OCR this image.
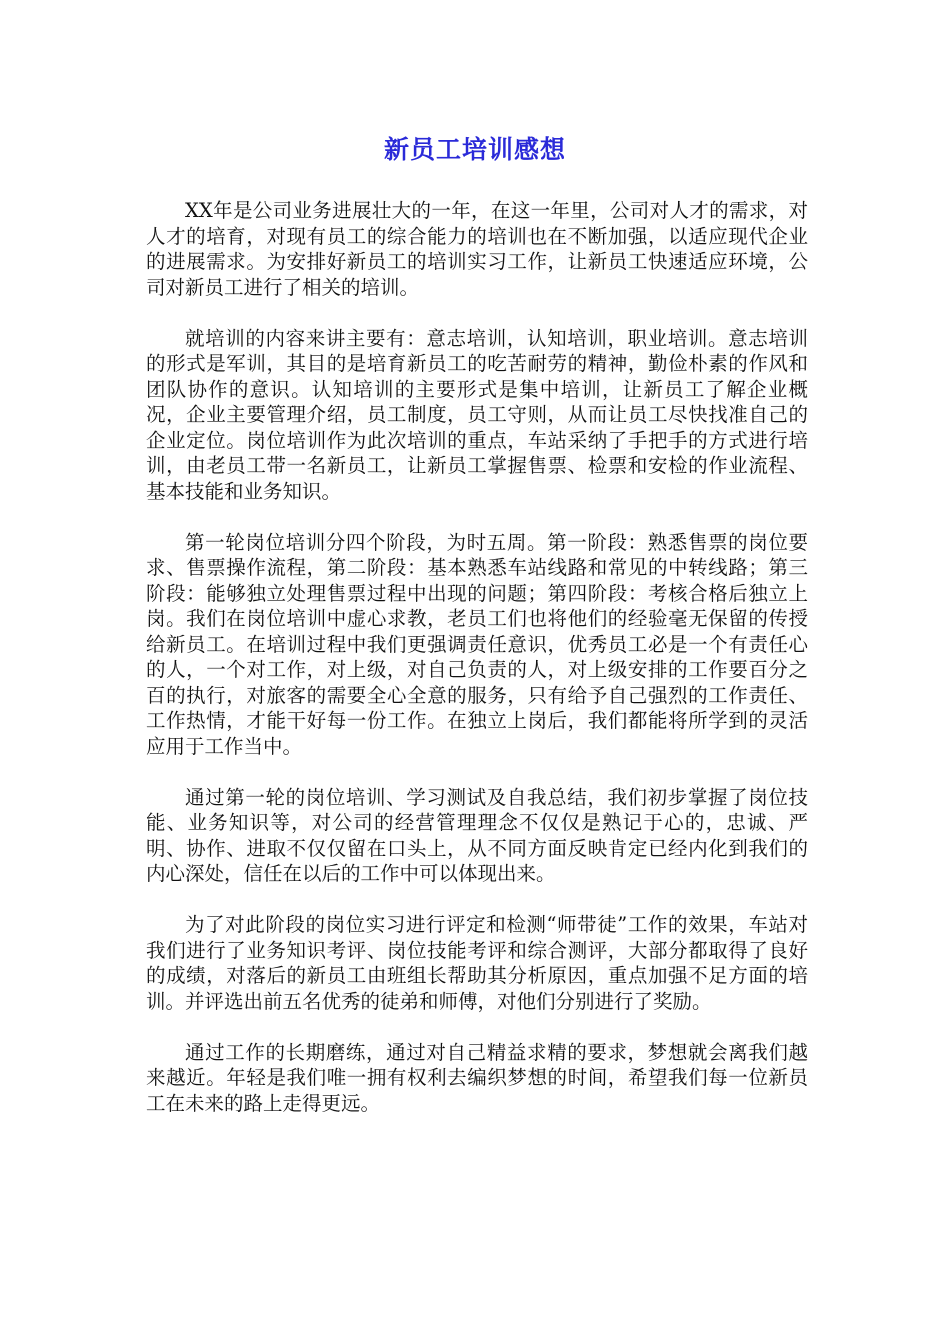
新员工培训感想

XX年是公司业务进展壮大的一年，在这一年里，公司对人才的需求，对人才的培育，对现有员工的综合能力的培训也在不断加强，以适应现代企业的进展需求。为安排好新员工的培训实习工作，让新员工快速适应环境，公司对新员工进行了相关的培训。

就培训的内容来讲主要有：意志培训，认知培训，职业培训。意志培训的形式是军训，其目的是培育新员工的吃苦耐劳的精神，勤俭朴素的作风和团队协作的意识。认知培训的主要形式是集中培训，让新员工了解企业概况，企业主要管理介绍，员工制度，员工守则，从而让员工尽快找准自己的企业定位。岗位培训作为此次培训的重点，车站采纳了手把手的方式进行培训，由老员工带一名新员工，让新员工掌握售票、检票和安检的作业流程、基本技能和业务知识。

第一轮岗位培训分四个阶段，为时五周。第一阶段：熟悉售票的岗位要求、售票操作流程，第二阶段：基本熟悉车站线路和常见的中转线路；第三阶段：能够独立处理售票过程中出现的问题；第四阶段：考核合格后独立上岗。我们在岗位培训中虚心求教，老员工们也将他们的经验毫无保留的传授给新员工。在培训过程中我们更强调责任意识，优秀员工必是一个有责任心的人，一个对工作，对上级，对自己负责的人，对上级安排的工作要百分之百的执行，对旅客的需要全心全意的服务，只有给予自己强烈的工作责任、工作热情，才能干好每一份工作。在独立上岗后，我们都能将所学到的灵活应用于工作当中。

通过第一轮的岗位培训、学习测试及自我总结，我们初步掌握了岗位技能、业务知识等，对公司的经营管理理念不仅仅是熟记于心的，忠诚、严明、协作、进取不仅仅留在口头上，从不同方面反映肯定已经内化到我们的内心深处，信任在以后的工作中可以体现出来。

为了对此阶段的岗位实习进行评定和检测“师带徒”工作的效果，车站对我们进行了业务知识考评、岗位技能考评和综合测评，大部分都取得了良好的成绩，对落后的新员工由班组长帮助其分析原因，重点加强不足方面的培训。并评选出前五名优秀的徒弟和师傅，对他们分别进行了奖励。

通过工作的长期磨练，通过对自己精益求精的要求，梦想就会离我们越来越近。年轻是我们唯一拥有权利去编织梦想的时间，希望我们每一位新员工在未来的路上走得更远。
